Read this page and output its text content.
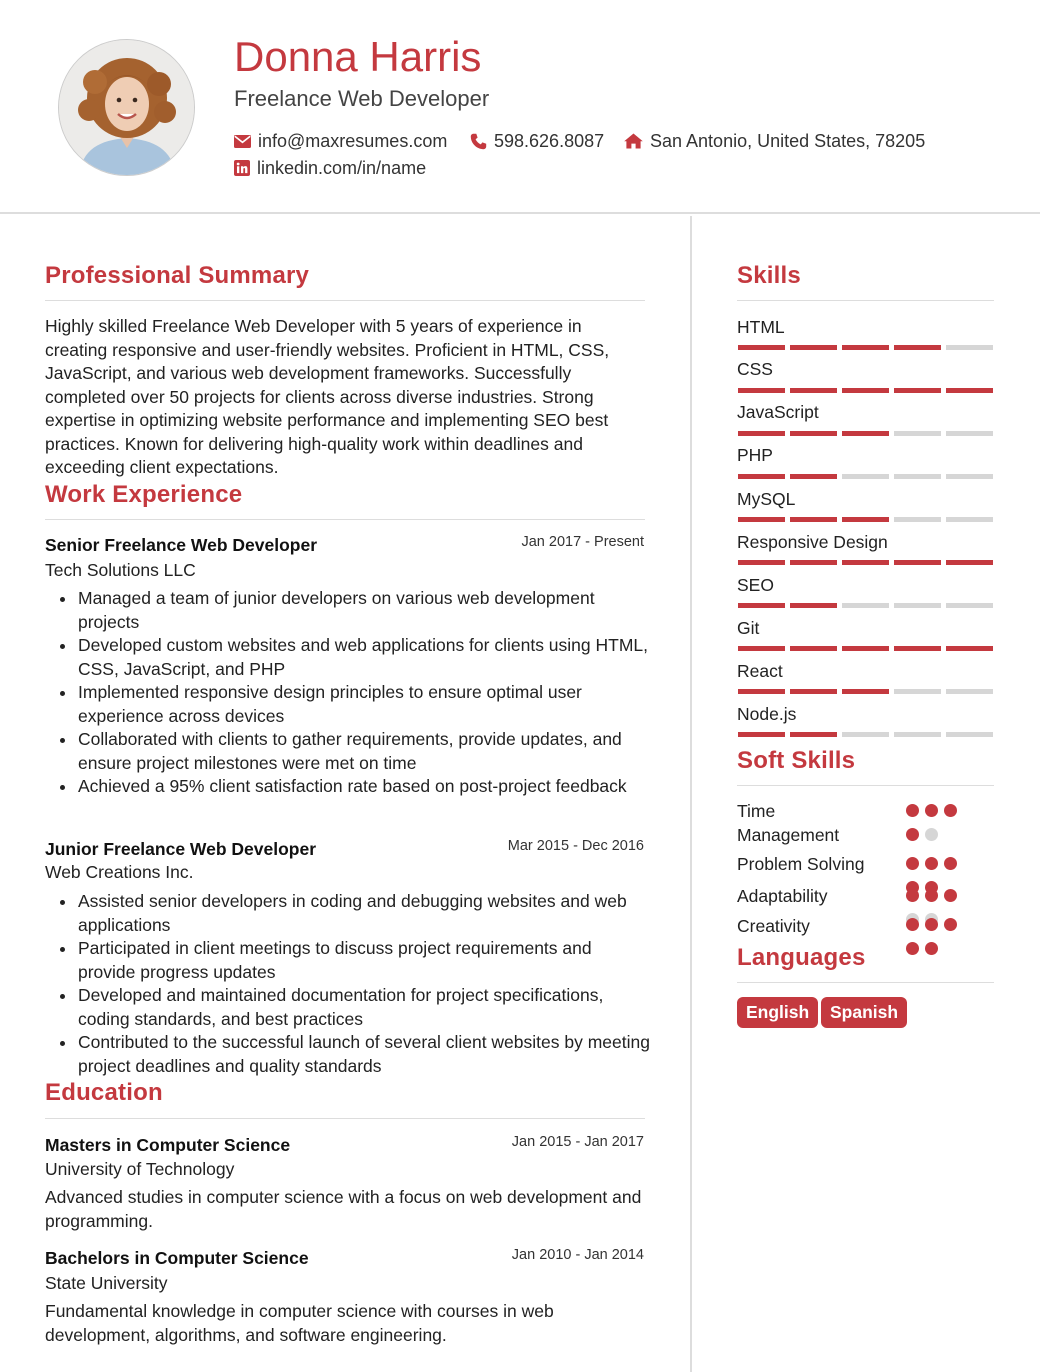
Donna Harris
Freelance Web Developer
info@maxresumes.com	598.626.8087	San Antonio, United States, 78205
linkedin.com/in/name
Professional Summary
Highly skilled Freelance Web Developer with 5 years of experience in creating responsive and user-friendly websites. Proficient in HTML, CSS, JavaScript, and various web development frameworks. Successfully completed over 50 projects for clients across diverse industries. Strong expertise in optimizing website performance and implementing SEO best practices. Known for delivering high-quality work within deadlines and exceeding client expectations.
Work Experience
Senior Freelance Web Developer	Jan 2017 - Present
Tech Solutions LLC
Managed a team of junior developers on various web development projects
Developed custom websites and web applications for clients using HTML, CSS, JavaScript, and PHP
Implemented responsive design principles to ensure optimal user experience across devices
Collaborated with clients to gather requirements, provide updates, and ensure project milestones were met on time
Achieved a 95% client satisfaction rate based on post-project feedback
Junior Freelance Web Developer	Mar 2015 - Dec 2016
Web Creations Inc.
Assisted senior developers in coding and debugging websites and web applications
Participated in client meetings to discuss project requirements and provide progress updates
Developed and maintained documentation for project specifications, coding standards, and best practices
Contributed to the successful launch of several client websites by meeting project deadlines and quality standards
Education
Masters in Computer Science	Jan 2015 - Jan 2017
University of Technology
Advanced studies in computer science with a focus on web development and programming.
Bachelors in Computer Science	Jan 2010 - Jan 2014
State University
Fundamental knowledge in computer science with courses in web development, algorithms, and software engineering.
Skills
HTML
CSS
JavaScript
PHP
MySQL
Responsive Design
SEO
Git
React
Node.js
Soft Skills
Time Management
Problem Solving
Adaptability
Creativity
Languages
English	Spanish
